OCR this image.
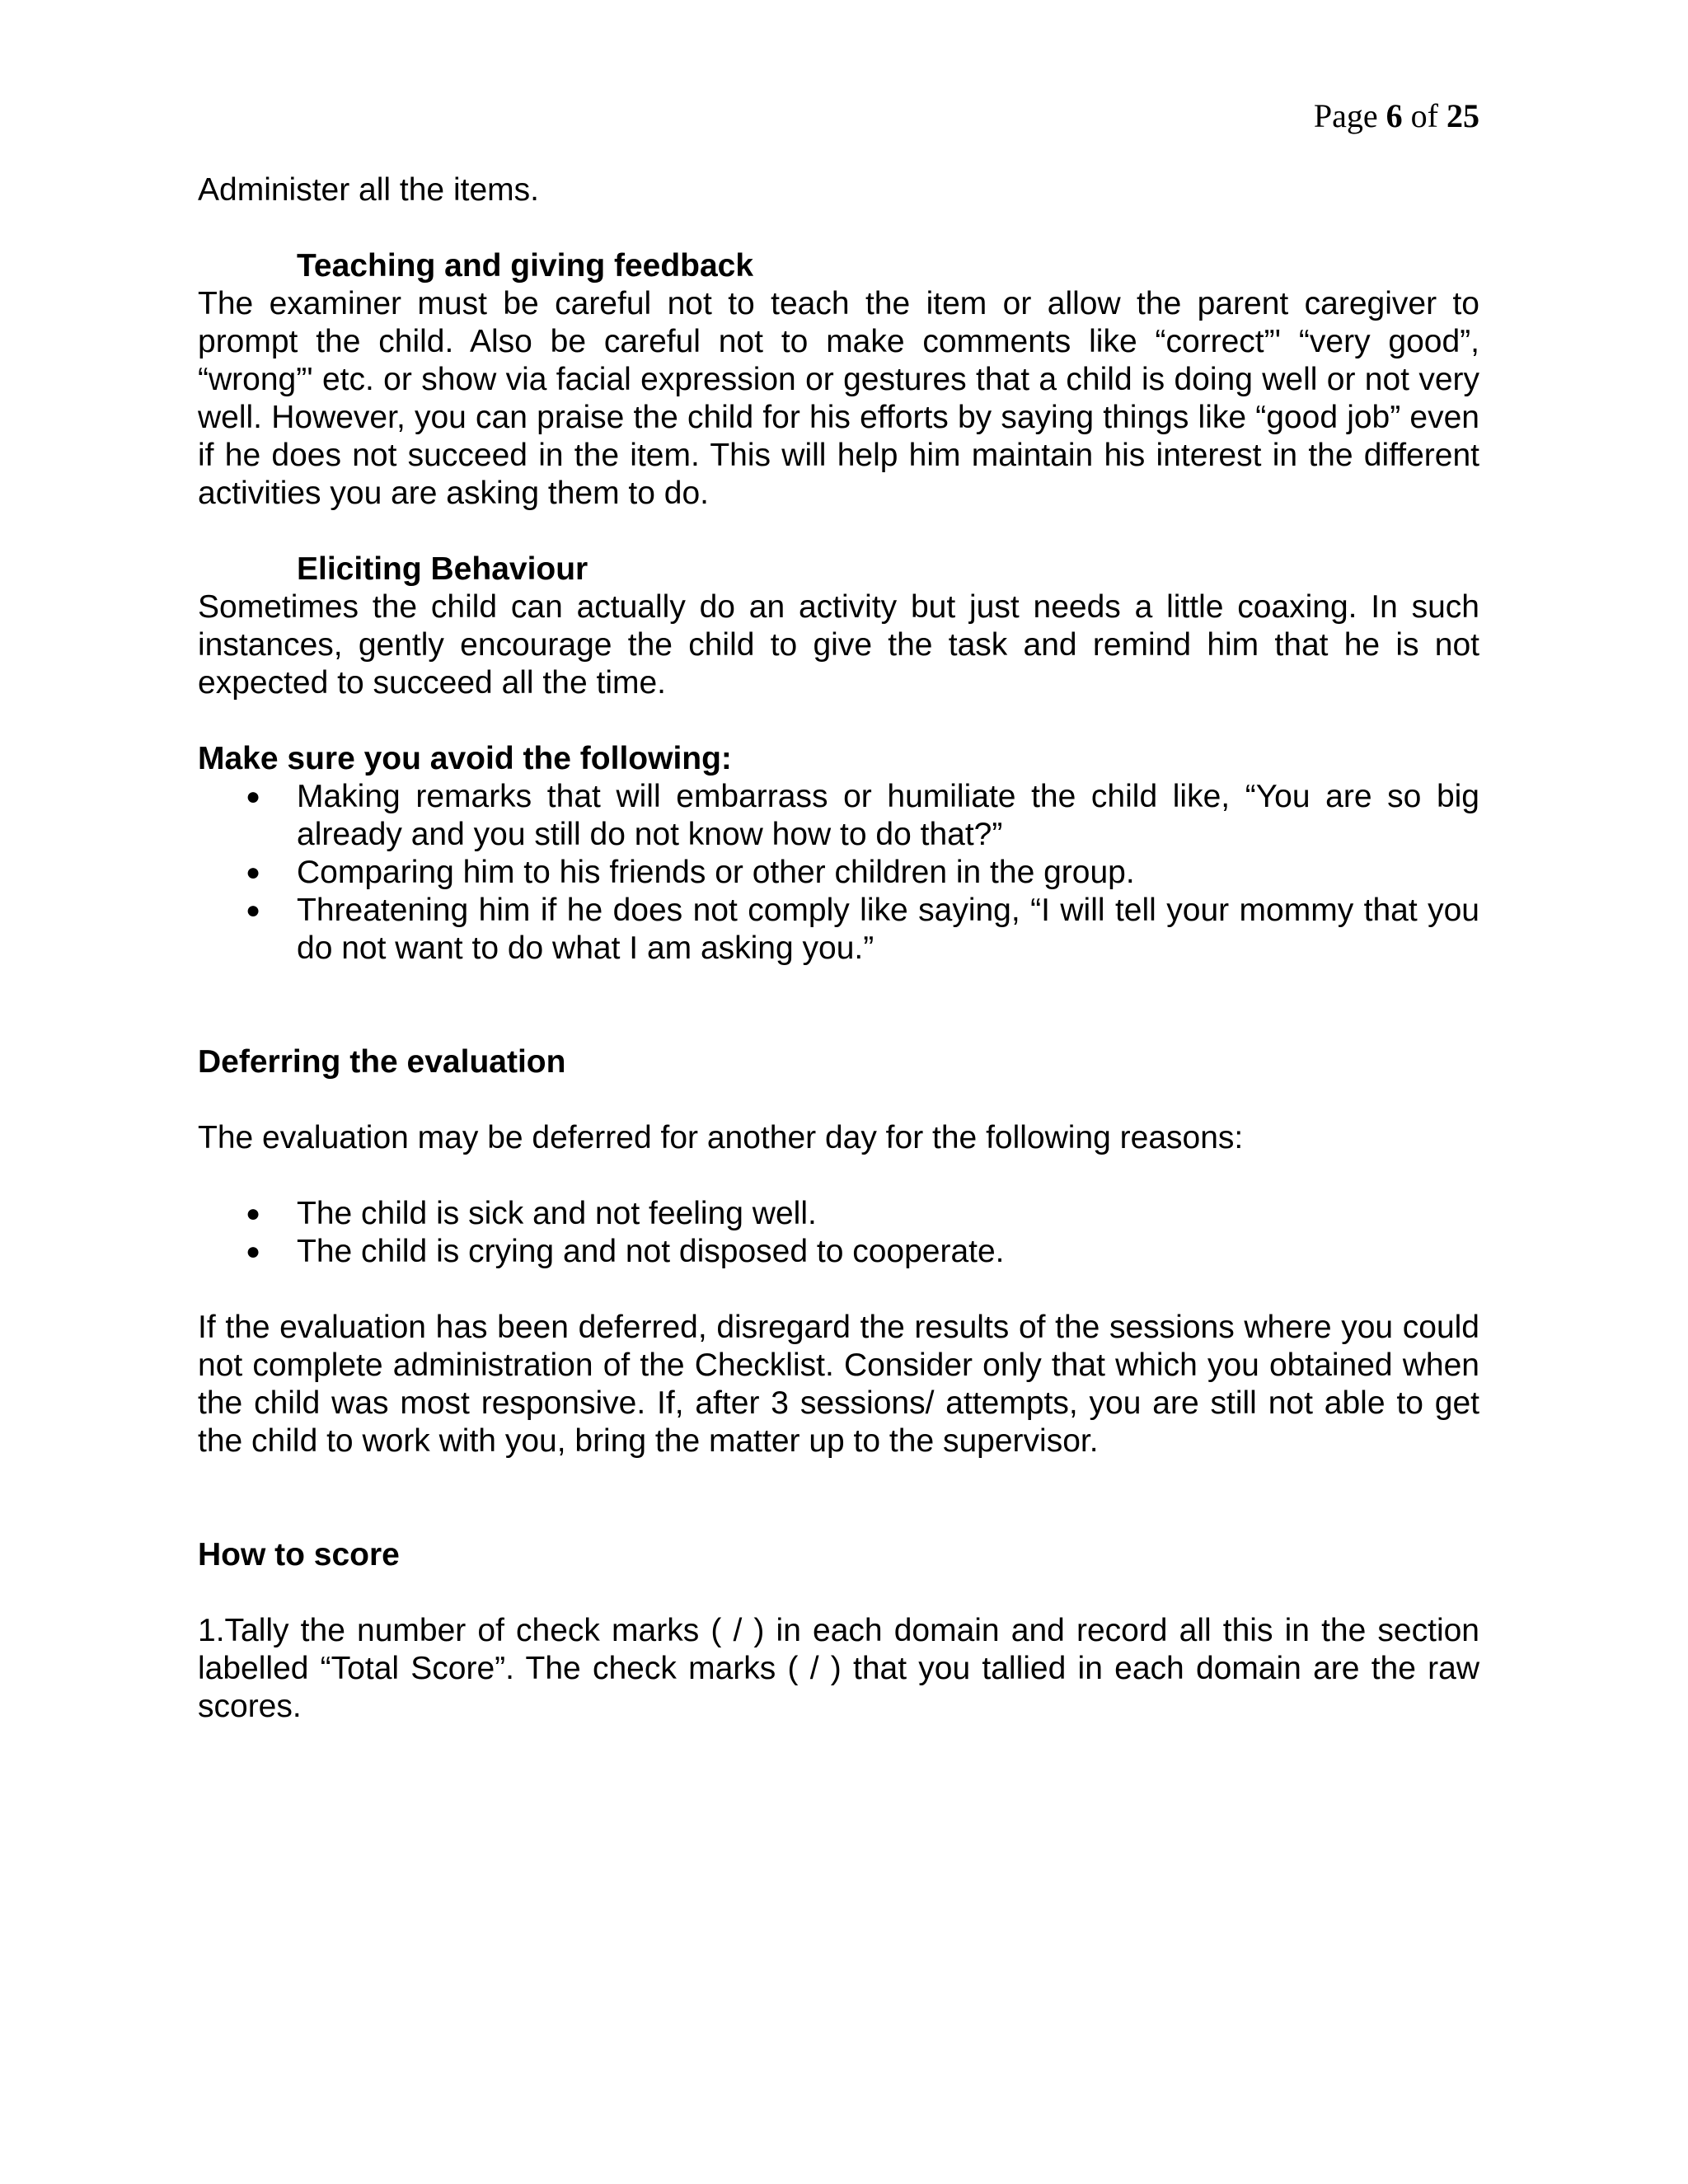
Page 6 of 25

Administer all the items.

Teaching and giving feedback

The examiner must be careful not to teach the item or allow the parent caregiver to prompt the child. Also be careful not to make comments like “correct”' “very good”, “wrong”' etc. or show via facial expression or gestures that a child is doing well or not very well. However, you can praise the child for his efforts by saying things like “good job” even if he does not succeed in the item. This will help him maintain his interest in the different activities you are asking them to do.

Eliciting Behaviour

Sometimes the child can actually do an activity but just needs a little coaxing. In such instances, gently encourage the child to give the task and remind him that he is not expected to succeed all the time.

Make sure you avoid the following:

● Making remarks that will embarrass or humiliate the child like, “You are so big already and you still do not know how to do that?”
● Comparing him to his friends or other children in the group.
● Threatening him if he does not comply like saying, “I will tell your mommy that you do not want to do what I am asking you.”

Deferring the evaluation

The evaluation may be deferred for another day for the following reasons:

● The child is sick and not feeling well.
● The child is crying and not disposed to cooperate.

If the evaluation has been deferred, disregard the results of the sessions where you could not complete administration of the Checklist. Consider only that which you obtained when the child was most responsive. If, after 3 sessions/ attempts, you are still not able to get the child to work with you, bring the matter up to the supervisor.

How to score

1.Tally the number of check marks ( / ) in each domain and record all this in the section labelled “Total Score”. The check marks ( / ) that you tallied in each domain are the raw scores.
